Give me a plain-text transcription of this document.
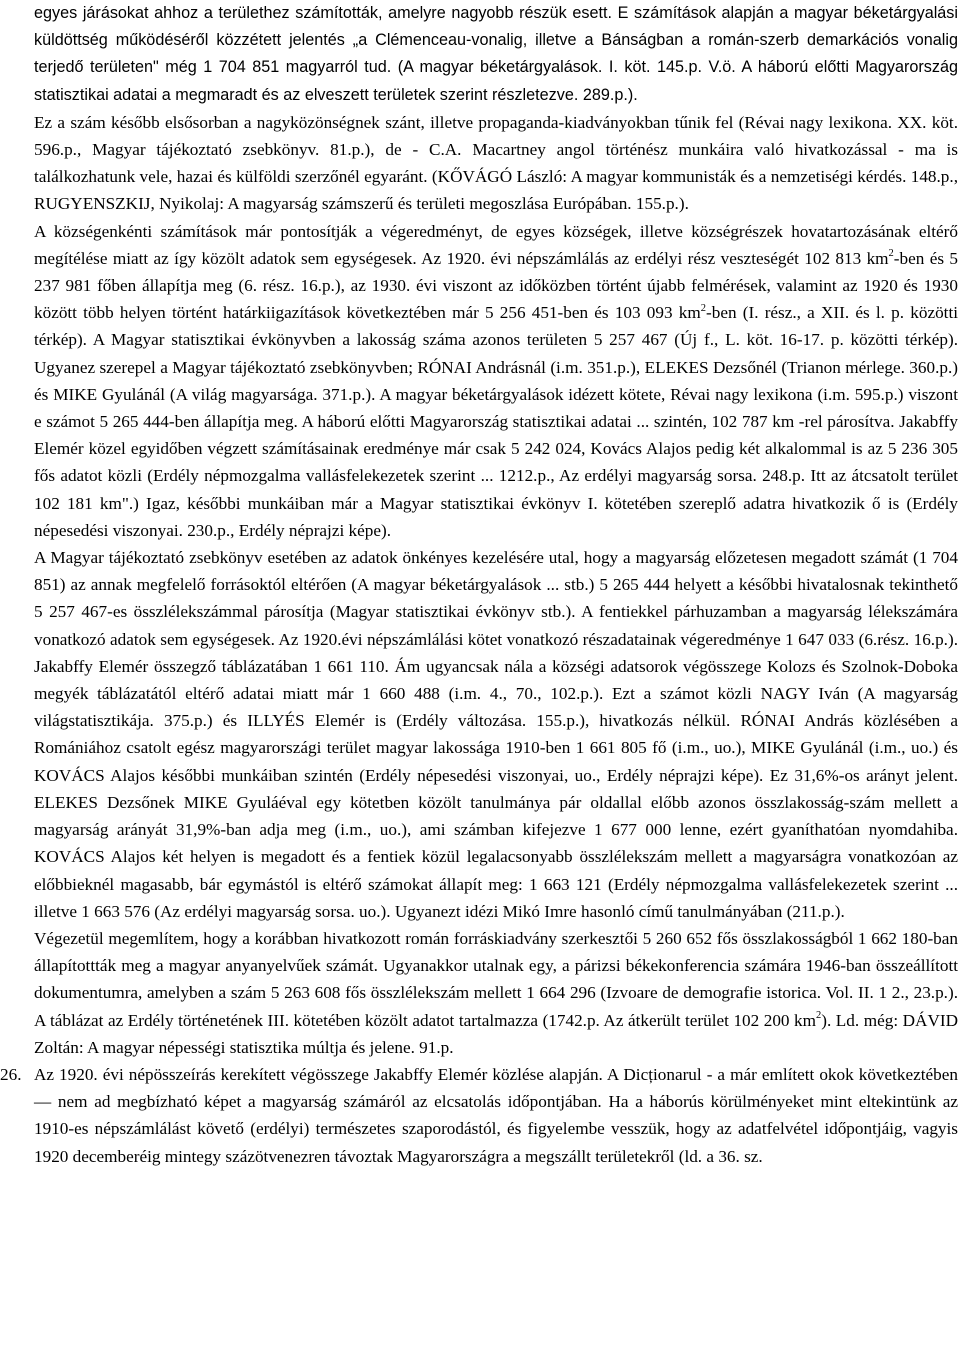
egyes járásokat ahhoz a területhez számították, amelyre nagyobb részük esett. E számítások alapján a magyar béketárgyalási küldöttség működéséről közzétett jelentés „a Clémenceau-vonalig, illetve a Bánságban a román-szerb demarkációs vonalig terjedő területen" még 1 704 851 magyarról tud. (A magyar béketárgyalások. I. köt. 145.p. V.ö. A háború előtti Magyarország statisztikai adatai a megmaradt és az elveszett területek szerint részletezve. 289.p.).

Ez a szám később elsősorban a nagyközönségnek szánt, illetve propaganda-kiadványokban tűnik fel (Révai nagy lexikona. XX. köt. 596.p., Magyar tájékoztató zsebkönyv. 81.p.), de - C.A. Macartney angol történész munkáira való hivatkozással - ma is találkozhatunk vele, hazai és külföldi szerzőnél egyaránt. (KŐVÁGÓ László: A magyar kommunisták és a nemzetiségi kérdés. 148.p., RUGYENSZKIJ, Nyikolaj: A magyarság számszerű és területi megoszlása Európában. 155.p.).

A községenkénti számítások már pontosítják a végeredményt, de egyes községek, illetve községrészek hovatartozásának eltérő megítélése miatt az így közölt adatok sem egységesek. Az 1920. évi népszámlálás az erdélyi rész veszteségét 102 813 $km^2$-ben és 5 237 981 főben állapítja meg (6. rész. 16.p.), az 1930. évi viszont az időközben történt újabb felmérések, valamint az 1920 és 1930 között több helyen történt határkiigazítások következtében már 5 256 451-ben és 103 093 $km^2$-ben (I. rész., a XII. és l. p. közötti térkép). A Magyar statisztikai évkönyvben a lakosság száma azonos területen 5 257 467 (Új f., L. köt. 16-17. p. közötti térkép). Ugyanez szerepel a Magyar tájékoztató zsebkönyvben; RÓNAI Andrásnál (i.m. 351.p.), ELEKES Dezsőnél (Trianon mérlege. 360.p.) és MIKE Gyulánál (A világ magyarsága. 371.p.). A magyar béketárgyalások idézett kötete, Révai nagy lexikona (i.m. 595.p.) viszont e számot 5 265 444-ben állapítja meg. A háború előtti Magyarország statisztikai adatai ... szintén, 102 787 km -rel párosítva. Jakabffy Elemér közel egyidőben végzett számításainak eredménye már csak 5 242 024, Kovács Alajos pedig két alkalommal is az 5 236 305 fős adatot közli (Erdély népmozgalma vallásfelekezetek szerint ... 1212.p., Az erdélyi magyarság sorsa. 248.p. Itt az átcsatolt terület 102 181 km".) Igaz, későbbi munkáiban már a Magyar statisztikai évkönyv I. kötetében szereplő adatra hivatkozik ő is (Erdély népesedési viszonyai. 230.p., Erdély néprajzi képe).

A Magyar tájékoztató zsebkönyv esetében az adatok önkényes kezelésére utal, hogy a magyarság előzetesen megadott számát (1 704 851) az annak megfelelő forrásoktól eltérően (A magyar béketárgyalások ... stb.) 5 265 444 helyett a későbbi hivatalosnak tekinthető 5 257 467-es összlélekszámmal párosítja (Magyar statisztikai évkönyv stb.). A fentiekkel párhuzamban a magyarság lélekszámára vonatkozó adatok sem egységesek. Az 1920.évi népszámlálási kötet vonatkozó részadatainak végeredménye 1 647 033 (6.rész. 16.p.). Jakabffy Elemér összegző táblázatában 1 661 110. Ám ugyancsak nála a községi adatsorok végösszege Kolozs és Szolnok-Doboka megyék táblázatától eltérő adatai miatt már 1 660 488 (i.m. 4., 70., 102.p.). Ezt a számot közli NAGY Iván (A magyarság világstatisztikája. 375.p.) és ILLYÉS Elemér is (Erdély változása. 155.p.), hivatkozás nélkül. RÓNAI András közlésében a Romániához csatolt egész magyarországi terület magyar lakossága 1910-ben 1 661 805 fő (i.m., uo.), MIKE Gyulánál (i.m., uo.) és KOVÁCS Alajos későbbi munkáiban szintén (Erdély népesedési viszonyai, uo., Erdély néprajzi képe). Ez 31,6%-os arányt jelent. ELEKES Dezsőnek MIKE Gyuláéval egy kötetben közölt tanulmánya pár oldallal előbb azonos összlakosság-szám mellett a magyarság arányát 31,9%-ban adja meg (i.m., uo.), ami számban kifejezve 1 677 000 lenne, ezért gyaníthatóan nyomdahiba. KOVÁCS Alajos két helyen is megadott és a fentiek közül legalacsonyabb összlélekszám mellett a magyarságra vonatkozóan az előbbieknél magasabb, bár egymástól is eltérő számokat állapít meg: 1 663 121 (Erdély népmozgalma vallásfelekezetek szerint ... illetve 1 663 576 (Az erdélyi magyarság sorsa. uo.). Ugyanezt idézi Mikó Imre hasonló című tanulmányában (211.p.).

Végezetül megemlítem, hogy a korábban hivatkozott román forráskiadvány szerkesztői 5 260 652 fős összlakosságból 1 662 180-ban állapítottták meg a magyar anyanyelvűek számát. Ugyanakkor utalnak egy, a párizsi békekonferencia számára 1946-ban összeállított dokumentumra, amelyben a szám 5 263 608 fős összlélekszám mellett 1 664 296 (Izvoare de demografie istorica. Vol. II. 1 2., 23.p.). A táblázat az Erdély történetének III. kötetében közölt adatot tartalmazza (1742.p. Az átkerült terület 102 200 $km^2$). Ld. még: DÁVID Zoltán: A magyar népességi statisztika múltja és jelene. 91.p.

26. Az 1920. évi népösszeírás kerekített végösszege Jakabffy Elemér közlése alapján. A Dicționarul - a már említett okok következtében — nem ad megbízható képet a magyarság számáról az elcsatolás időpontjában. Ha a háborús körülményeket mint eltekintünk az 1910-es népszámlálást követő (erdélyi) természetes szaporodástól, és figyelembe vesszük, hogy az adatfelvétel időpontjáig, vagyis 1920 decemberéig mintegy százötvenezren távoztak Magyarországra a megszállt területekről (ld. a 36. sz.
